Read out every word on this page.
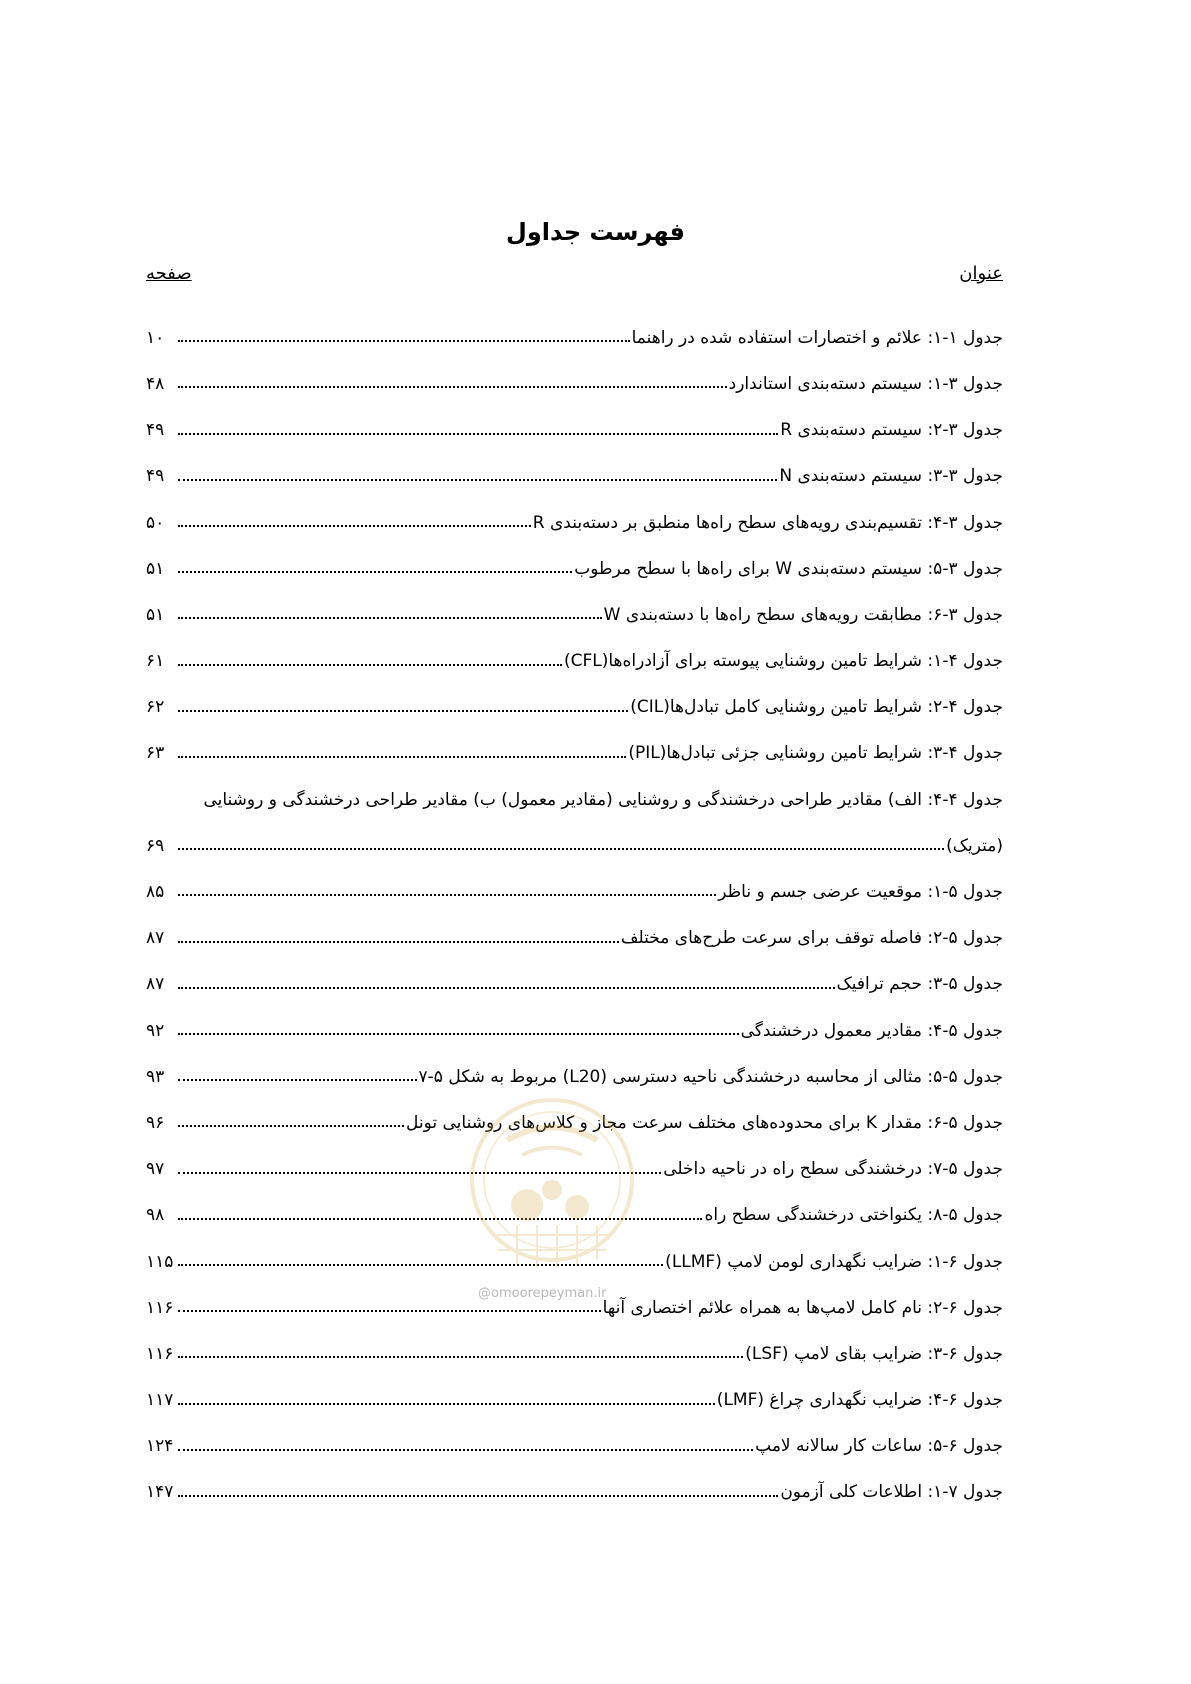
فهرست جداول
عنوان
صفحه
جدول ۱-۱: علائم و اختصارات استفاده شده در راهنما
۱۰
جدول ۳-۱: سیستم دسته‌بندی استاندارد
۴۸
جدول ۳-۲: سیستم دسته‌بندی R
۴۹
جدول ۳-۳: سیستم دسته‌بندی N
۴۹
جدول ۳-۴: تقسیم‌بندی رویه‌های سطح راه‌ها منطبق بر دسته‌بندی R
۵۰
جدول ۳-۵: سیستم دسته‌بندی W برای راه‌ها با سطح مرطوب
۵۱
جدول ۳-۶: مطابقت رویه‌های سطح راه‌ها با دسته‌بندی W
۵۱
جدول ۴-۱: شرایط تامین روشنایی پیوسته برای آزادراه‌ها(CFL)
۶۱
جدول ۴-۲: شرایط تامین روشنایی کامل تبادل‌ها(CIL)
۶۲
جدول ۴-۳: شرایط تامین روشنایی جزئی تبادل‌ها(PIL)
۶۳
جدول ۴-۴: الف) مقادیر طراحی درخشندگی و روشنایی (مقادیر معمول) ب) مقادیر طراحی درخشندگی و روشنایی
(متریک)
۶۹
جدول ۵-۱: موقعیت عرضی جسم و ناظر
۸۵
جدول ۵-۲: فاصله توقف برای سرعت طرح‌های مختلف
۸۷
جدول ۵-۳: حجم ترافیک
۸۷
جدول ۵-۴: مقادیر معمول درخشندگی
۹۲
جدول ۵-۵: مثالی از محاسبه درخشندگی ناحیه دسترسی (L20) مربوط به شکل ۵-۷
۹۳
جدول ۵-۶: مقدار K برای محدوده‌های مختلف سرعت مجاز و کلاس‌های روشنایی تونل
۹۶
جدول ۵-۷: درخشندگی سطح راه در ناحیه داخلی
۹۷
جدول ۵-۸: یکنواختی درخشندگی سطح راه
۹۸
جدول ۶-۱: ضرایب نگهداری لومن لامپ (LLMF)
۱۱۵
جدول ۶-۲: نام کامل لامپ‌ها به همراه علائم اختصاری آنها
۱۱۶
جدول ۶-۳: ضرایب بقای لامپ (LSF)
۱۱۶
جدول ۶-۴: ضرایب نگهداری چراغ (LMF)
۱۱۷
جدول ۶-۵: ساعات کار سالانه لامپ
۱۲۴
جدول ۷-۱: اطلاعات کلی آزمون
۱۴۷
@omoorepeyman.ir
